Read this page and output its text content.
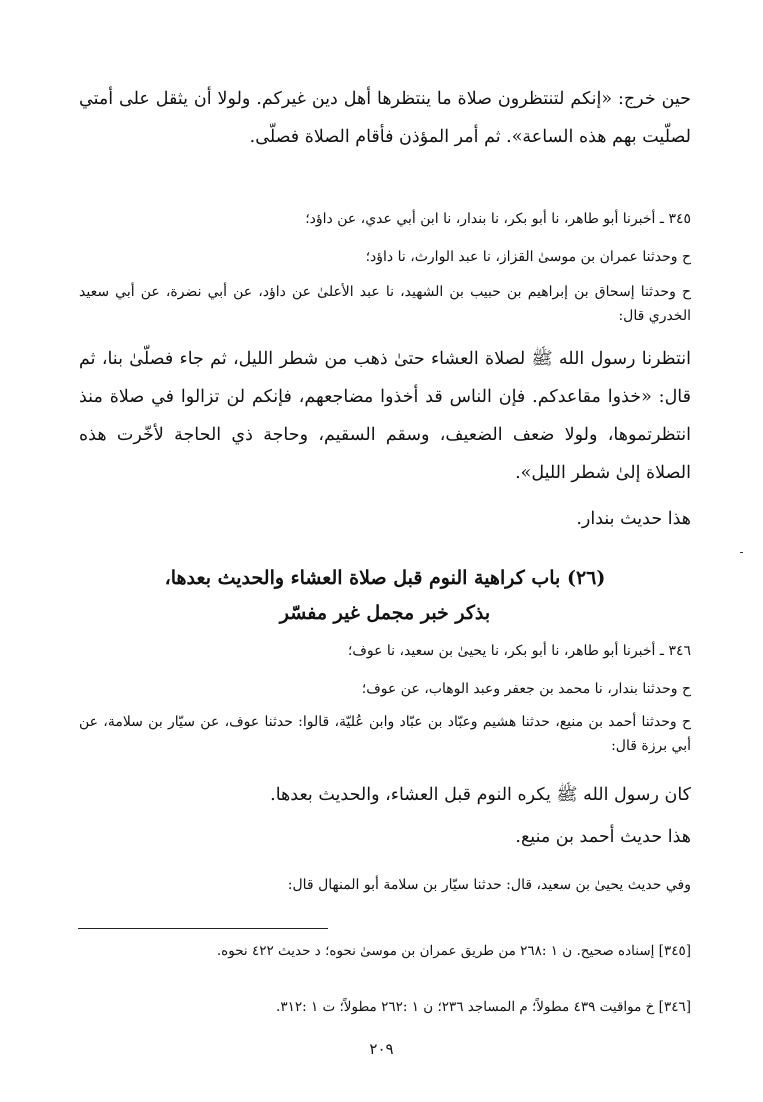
حين خرج: «إنكم لتنتظرون صلاة ما ينتظرها أهل دين غيركم. ولولا أن يثقل على أمتي لصلّيت بهم هذه الساعة». ثم أمر المؤذن فأقام الصلاة فصلّى.

٣٤٥ ـ أخبرنا أبو طاهر، نا أبو بكر، نا بندار، نا ابن أبي عدي، عن داؤد؛

ح وحدثنا عمران بن موسىٰ القزاز، نا عبد الوارث، نا داؤد؛

ح وحدثنا إسحاق بن إبراهيم بن حبيب بن الشهيد، نا عبد الأعلىٰ عن داؤد، عن أبي نضرة، عن أبي سعيد الخدري قال:

انتظرنا رسول الله ﷺ لصلاة العشاء حتىٰ ذهب من شطر الليل، ثم جاء فصلّىٰ بنا، ثم قال: «خذوا مقاعدكم. فإن الناس قد أخذوا مضاجعهم، فإنكم لن تزالوا في صلاة منذ انتظرتموها، ولولا ضعف الضعيف، وسقم السقيم، وحاجة ذي الحاجة لأخّرت هذه الصلاة إلىٰ شطر الليل».

هذا حديث بندار.

(٢٦) باب كراهية النوم قبل صلاة العشاء والحديث بعدها،

بذكر خبر مجمل غير مفسّر

٣٤٦ ـ أخبرنا أبو طاهر، نا أبو بكر، نا يحيىٰ بن سعيد، نا عوف؛

ح وحدثنا بندار، نا محمد بن جعفر وعبد الوهاب، عن عوف؛

ح وحدثنا أحمد بن منيع، حدثنا هشيم وعبّاد بن عبّاد وابن عُليّة، قالوا: حدثنا عوف، عن سيّار بن سلامة، عن أبي برزة قال:

كان رسول الله ﷺ يكره النوم قبل العشاء، والحديث بعدها.

هذا حديث أحمد بن منيع.

وفي حديث يحيىٰ بن سعيد، قال: حدثنا سيّار بن سلامة أبو المنهال قال:

[٣٤٥] إسناده صحيح. ن ١ :٢٦٨ من طريق عمران بن موسىٰ نحوه؛ د حديث ٤٢٢ نحوه.

[٣٤٦] خ مواقيت ٤٣٩ مطولاً؛ م المساجد ٢٣٦؛ ن ١ :٢٦٢ مطولاً؛ ت ١ :٣١٢.

٢٠٩
